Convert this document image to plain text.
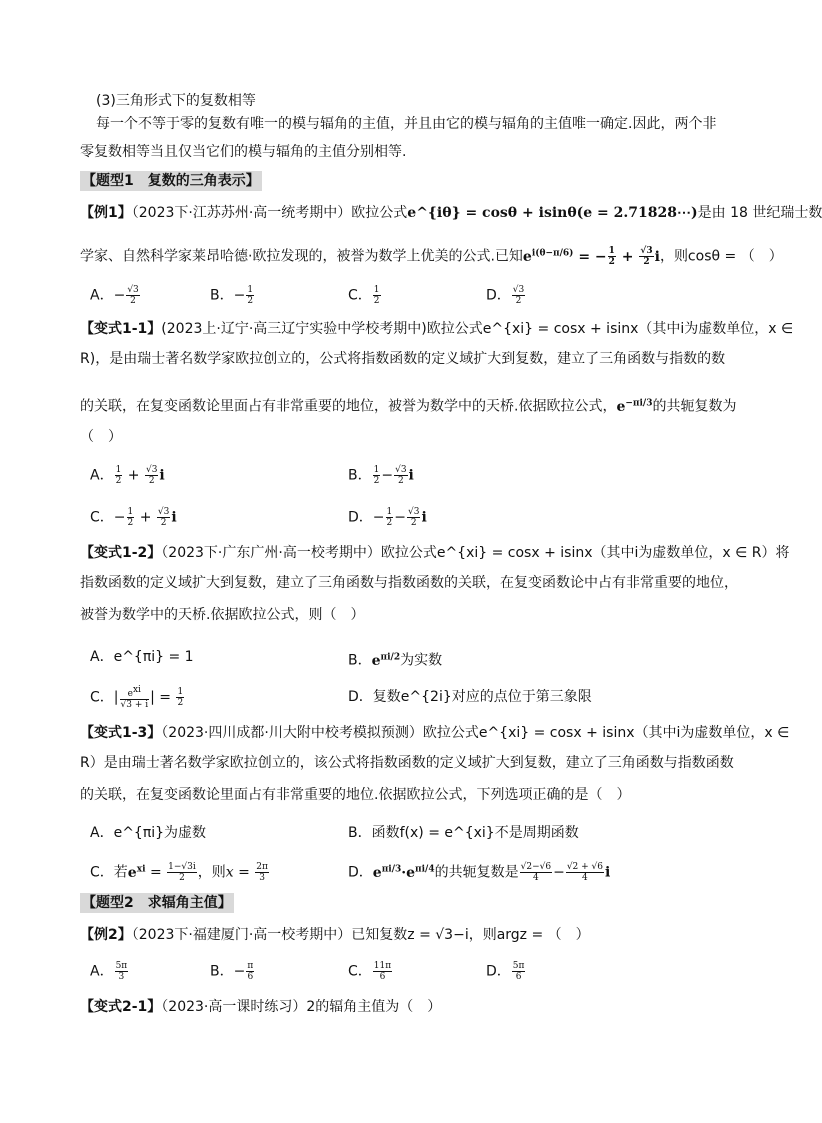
(3)三角形式下的复数相等
每一个不等于零的复数有唯一的模与辐角的主值，并且由它的模与辐角的主值唯一确定.因此，两个非零复数相等当且仅当它们的模与辐角的主值分别相等.
【题型1　复数的三角表示】
【例1】（2023下·江苏苏州·高一统考期中）欧拉公式e^{iθ} = cosθ + isinθ(e = 2.71828⋯)是由 18 世纪瑞士数
学家、自然科学家莱昂哈德·欧拉发现的，被誉为数学上优美的公式.已知$e^{i(\theta-\pi/6)}$ = − $\frac{1}{2} + \frac{√3}{2}$ i，则cosθ = （　）
A．− $\frac{√3}{2}$	B．− $\frac{1}{2}$	C． $\frac{1}{2}$	D． $\frac{√3}{2}$
【变式1-1】(2023上·辽宁·高三辽宁实验中学校考期中)欧拉公式e^{xi} = cosx + isinx（其中i为虚数单位，x ∈
R)，是由瑞士著名数学家欧拉创立的，公式将指数函数的定义域扩大到复数，建立了三角函数与指数的数
的关联，在复变函数论里面占有非常重要的地位，被誉为数学中的天桥.依据欧拉公式，$e^{-\pi i/3}$的共轭复数为
（　）
A． $\frac{1}{2} + \frac{√3}{2}$ i	B． $\frac{1}{2} - \frac{√3}{2}$ i
C．− $\frac{1}{2} + \frac{√3}{2}$ i	D．− $\frac{1}{2} - \frac{√3}{2}$ i
【变式1-2】（2023下·广东广州·高一校考期中）欧拉公式e^{xi} = cosx + isinx（其中i为虚数单位，x ∈ R）将
指数函数的定义域扩大到复数，建立了三角函数与指数函数的关联，在复变函数论中占有非常重要的地位，
被誉为数学中的天桥.依据欧拉公式，则（　）
A．e^{πi} = 1	B．$e^{\pi i/2}$为实数
C．| $\frac{e^{xi}}{√3 + i}$ | = $\frac{1}{2}$	D．复数e^{2i}对应的点位于第三象限
【变式1-3】（2023·四川成都·川大附中校考模拟预测）欧拉公式e^{xi} = cosx + isinx（其中i为虚数单位，x ∈
R）是由瑞士著名数学家欧拉创立的，该公式将指数函数的定义域扩大到复数，建立了三角函数与指数函数
的关联，在复变函数论里面占有非常重要的地位.依据欧拉公式，下列选项正确的是（　）
A．e^{πi}为虚数	B．函数f(x) = e^{xi}不是周期函数
C．若$e^{xi} = \frac{1-√3i}{2}$ ，则$x = \frac{2\pi}{3}$	D．$e^{\pi i/3}\cdot e^{\pi i/4}$的共轭复数是 $\frac{√2-√6}{4} - \frac{√2 + √6}{4}$ i
【题型2　求辐角主值】
【例2】（2023下·福建厦门·高一校考期中）已知复数z = √3−i，则argz = （　）
A． $\frac{5\pi}{3}$	B．− $\frac{\pi}{6}$	C． $\frac{11\pi}{6}$	D． $\frac{5\pi}{6}$
【变式2-1】（2023·高一课时练习）2的辐角主值为（　）
